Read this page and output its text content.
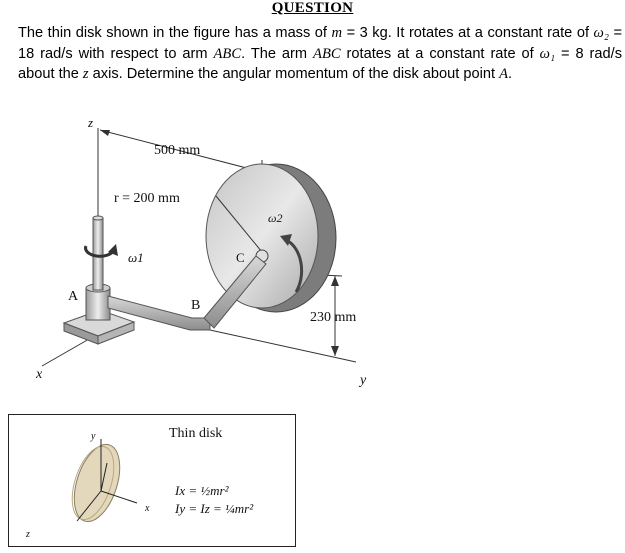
QUESTION
The thin disk shown in the figure has a mass of m = 3 kg. It rotates at a constant rate of ω₂ = 18 rad/s with respect to arm ABC. The arm ABC rotates at a constant rate of ω₁ = 8 rad/s about the z axis. Determine the angular momentum of the disk about point A.
z
500 mm
r = 200 mm
x	y
230 mm
ω1
A
B
ω2
C
y
x
z
Thin disk
Ix = ½mr²
Iy = Iz = ¼mr²
